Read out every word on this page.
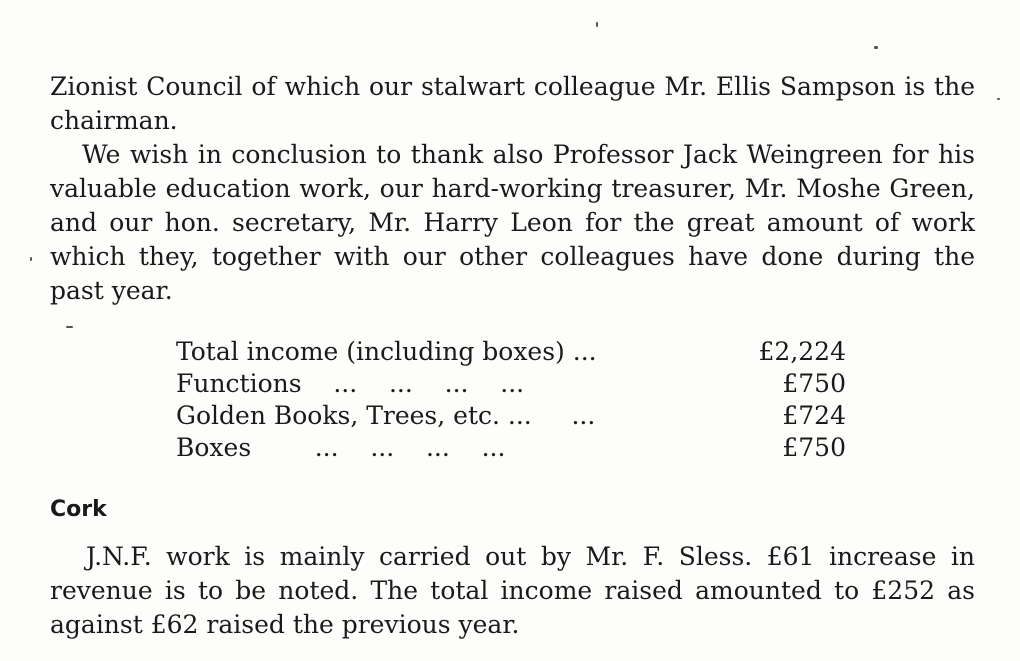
Zionist Council of which our stalwart colleague Mr. Ellis Sampson is the chairman.

We wish in conclusion to thank also Professor Jack Weingreen for his valuable education work, our hard-working treasurer, Mr. Moshe Green, and our hon. secretary, Mr. Harry Leon for the great amount of work which they, together with our other colleagues have done during the past year.

Total income (including boxes) ...	£2,224
Functions    ...    ...    ...    ...	£750
Golden Books, Trees, etc. ...     ...	£724
Boxes        ...    ...    ...    ...	£750
Cork

J.N.F. work is mainly carried out by Mr. F. Sless. £61 increase in revenue is to be noted. The total income raised amounted to £252 as against £62 raised the previous year.
